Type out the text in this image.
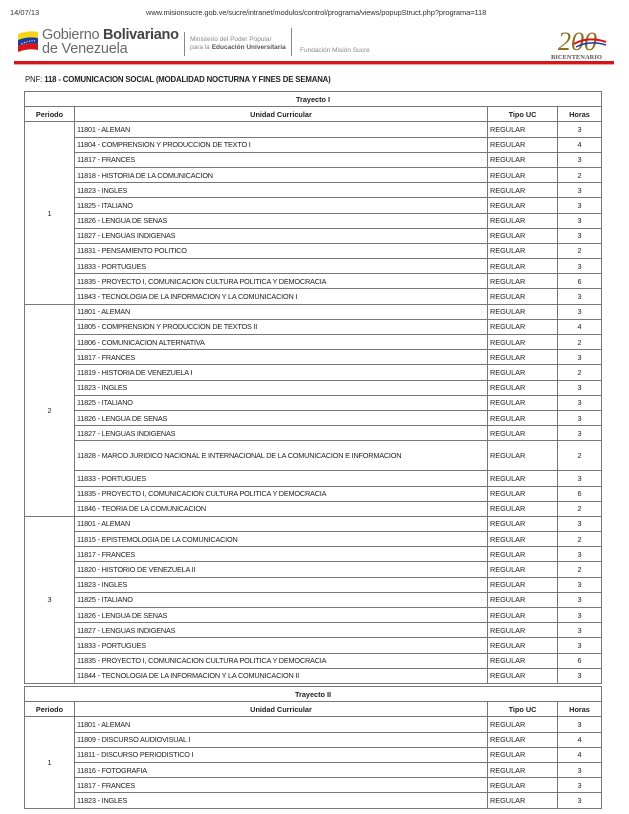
14/07/13	www.misionsucre.gob.ve/sucre/intranet/modulos/control/programa/views/popupStruct.php?programa=118
Gobierno Bolivariano
de Venezuela
Ministerio del Poder Popular
para la Educación Universitaria Fundación Misión Sucre	200
BICENTENARIO
PNF: 118 - COMUNICACION SOCIAL (MODALIDAD NOCTURNA Y FINES DE SEMANA)
Trayecto I			
Periodo	Unidad Curricular	Tipo UC	Horas
1	11801 - ALEMAN	REGULAR	3
	11804 - COMPRENSION Y PRODUCCION DE TEXTO I	REGULAR	4
	11817 - FRANCES	REGULAR	3
	11818 - HISTORIA DE LA COMUNICACION	REGULAR	2
	11823 - INGLES	REGULAR	3
	11825 - ITALIANO	REGULAR	3
	11826 - LENGUA DE SENAS	REGULAR	3
	11827 - LENGUAS INDIGENAS	REGULAR	3
	11831 - PENSAMIENTO POLITICO	REGULAR	2
	11833 - PORTUGUES	REGULAR	3
	11835 - PROYECTO I, COMUNICACION CULTURA POLITICA Y DEMOCRACIA	REGULAR	6
	11843 - TECNOLOGIA DE LA INFORMACION Y LA COMUNICACION I	REGULAR	3
2	11801 - ALEMAN	REGULAR	3
	11805 - COMPRENSION Y PRODUCCION DE TEXTOS II	REGULAR	4
	11806 - COMUNICACION ALTERNATIVA	REGULAR	2
	11817 - FRANCES	REGULAR	3
	11819 - HISTORIA DE VENEZUELA I	REGULAR	2
	11823 - INGLES	REGULAR	3
	11825 - ITALIANO	REGULAR	3
	11826 - LENGUA DE SENAS	REGULAR	3
	11827 - LENGUAS INDIGENAS	REGULAR	3
	11828 - MARCO JURIDICO NACIONAL E INTERNACIONAL DE LA COMUNICACION E INFORMACION	REGULAR	2
	11833 - PORTUGUES	REGULAR	3
	11835 - PROYECTO I, COMUNICACION CULTURA POLITICA Y DEMOCRACIA	REGULAR	6
	11846 - TEORIA DE LA COMUNICACION	REGULAR	2
3	11801 - ALEMAN	REGULAR	3
	11815 - EPISTEMOLOGIA DE LA COMUNICACION	REGULAR	2
	11817 - FRANCES	REGULAR	3
	11820 - HISTORIO DE VENEZUELA II	REGULAR	2
	11823 - INGLES	REGULAR	3
	11825 - ITALIANO	REGULAR	3
	11826 - LENGUA DE SENAS	REGULAR	3
	11827 - LENGUAS INDIGENAS	REGULAR	3
	11833 - PORTUGUES	REGULAR	3
	11835 - PROYECTO I, COMUNICACION CULTURA POLITICA Y DEMOCRACIA	REGULAR	6
	11844 - TECNOLOGIA DE LA INFORMACION Y LA COMUNICACION II	REGULAR	3
Trayecto II			
Periodo	Unidad Curricular	Tipo UC	Horas
1	11801 - ALEMAN	REGULAR	3
	11809 - DISCURSO AUDIOVISUAL I	REGULAR	4
	11811 - DISCURSO PERIODISTICO I	REGULAR	4
	11816 - FOTOGRAFIA	REGULAR	3
	11817 - FRANCES	REGULAR	3
	11823 - INGLES	REGULAR	3
